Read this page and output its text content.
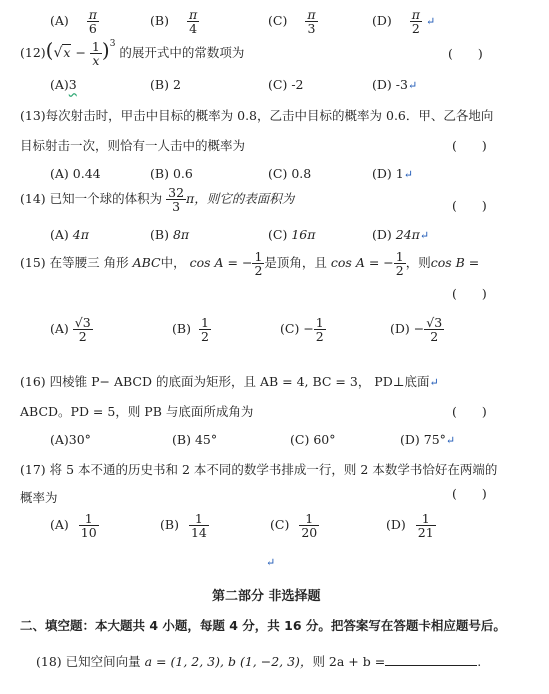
$(A) \frac{\pi}{6}$	$(B) \frac{\pi}{4}$	$(C) \frac{\pi}{3}$	$(D) \frac{\pi}{2}$ ↵
$(12)(√x - \frac{1}{x} )^3$ 的展开式中的常数项为	(　　)
(A)3	(B) 2	(C) -2	(D) -3↵
(13)每次射击时，甲击中目标的概率为 0.8，乙击中目标的概率为 0.6．甲、乙各地向
目标射击一次，则恰有一人击中的概率为	(　　)
(A) 0.44	(B) 0.6	(C) 0.8	(D) 1↵
(14) 已知一个球的体积为 $\frac{32}{3}$ π，则它的表面积为	(　　)
(A) 4π	(B) 8π	(C) 16π	(D) 24π↵
(15) 在等腰三 角形 ABC中， cos A = − $\frac{1}{2}$ 是顶角，且 cos A = − $\frac{1}{2}$ ，则cos B =
(　　)
$(A) \frac{√3}{2}$	$(B) \frac{1}{2}$	$(C) - \frac{1}{2}$	$(D) - \frac{√3}{2}$
(16) 四棱锥 P− ABCD 的底面为矩形，且 AB = 4, BC = 3， PD⊥底面↵
ABCD。PD = 5，则 PB 与底面所成角为	(　　)
(A)30°	(B) 45°	(C) 60°	(D) 75°↵
(17) 将 5 本不通的历史书和 2 本不同的数学书排成一行，则 2 本数学书恰好在两端的
概率为	(　　)
$(A) \frac{1}{10}$	$(B) \frac{1}{14}$	$(C) \frac{1}{20}$	$(D) \frac{1}{21}$
↵
第二部分 非选择题
二、填空题：本大题共 4 小题，每题 4 分，共 16 分。把答案写在答题卡相应题号后。
(18) 已知空间向量 a = (1, 2, 3), b (1, −2, 3)，则 2a + b =	.
